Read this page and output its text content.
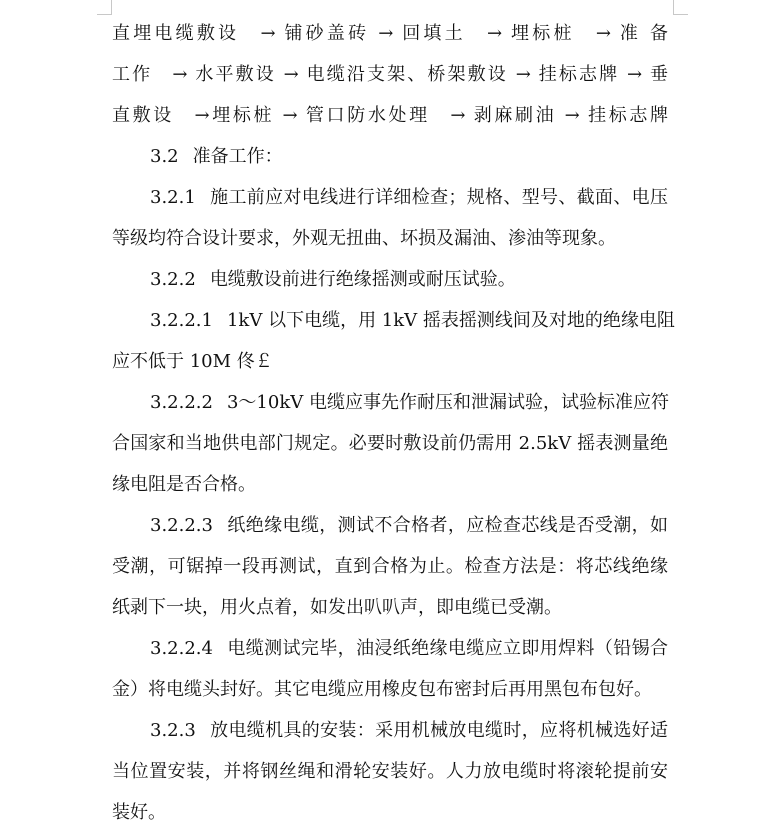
直埋电缆敷设　→ 铺砂盖砖 → 回填土　→ 埋标桩　→ 准 备
工作　→ 水平敷设 → 电缆沿支架、桥架敷设 → 挂标志牌 → 垂
直敷设　→埋标桩 → 管口防水处理　→ 剥麻刷油 → 挂标志牌
3.2 准备工作：
3.2.1 施工前应对电线进行详细检查；规格、型号、截面、电压
等级均符合设计要求，外观无扭曲、坏损及漏油、渗油等现象。
3.2.2 电缆敷设前进行绝缘摇测或耐压试验。
3.2.2.1 1kV 以下电缆，用 1kV 摇表摇测线间及对地的绝缘电阻
应不低于 10M 佟￡
3.2.2.2 3～10kV 电缆应事先作耐压和泄漏试验，试验标准应符
合国家和当地供电部门规定。必要时敷设前仍需用 2.5kV 摇表测量绝
缘电阻是否合格。
3.2.2.3 纸绝缘电缆，测试不合格者，应检查芯线是否受潮，如
受潮，可锯掉一段再测试，直到合格为止。检查方法是：将芯线绝缘
纸剥下一块，用火点着，如发出叭叭声，即电缆已受潮。
3.2.2.4 电缆测试完毕，油浸纸绝缘电缆应立即用焊料（铅锡合
金）将电缆头封好。其它电缆应用橡皮包布密封后再用黑包布包好。
3.2.3 放电缆机具的安装：采用机械放电缆时，应将机械选好适
当位置安装，并将钢丝绳和滑轮安装好。人力放电缆时将滚轮提前安
装好。
